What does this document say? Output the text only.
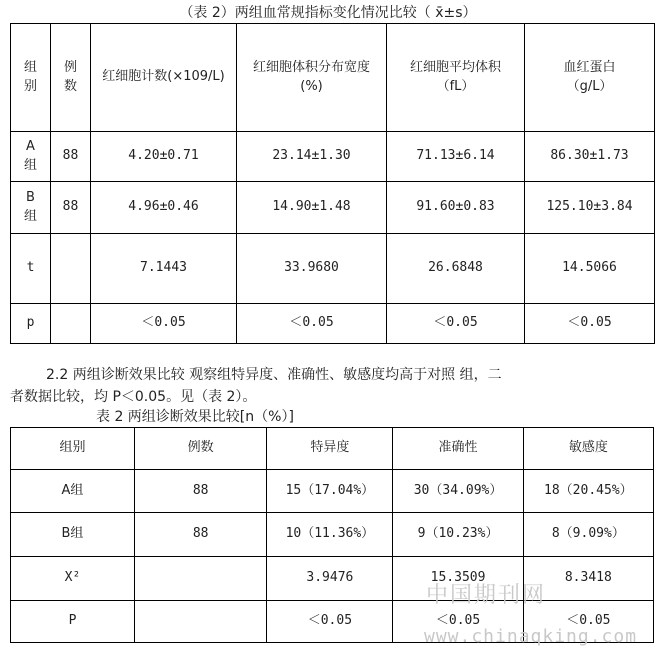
（表 2）两组血常规指标变化情况比较（ x̄±s）
组别	例数	红细胞计数(×109/L)	红细胞体积分布宽度(%)	红细胞平均体积（fL）	血红蛋白（g/L）
A组	88	4.20±0.71	23.14±1.30	71.13±6.14	86.30±1.73
B组	88	4.96±0.46	14.90±1.48	91.60±0.83	125.10±3.84
t		7.1443	33.9680	26.6848	14.5066
p		＜0.05	＜0.05	＜0.05	＜0.05
2.2 两组诊断效果比较 观察组特异度、准确性、敏感度均高于对照 组，二
者数据比较，均 P＜0.05。见（表 2）。
表 2 两组诊断效果比较[n（%）]
组别	例数	特异度	准确性	敏感度
A组	88	15（17.04%）	30（34.09%）	18（20.45%）
B组	88	10（11.36%）	9（10.23%）	8（9.09%）
X²		3.9476	15.3509	8.3418
P		＜0.05	＜0.05	＜0.05
中国期刊网
www.chinaqking.com
